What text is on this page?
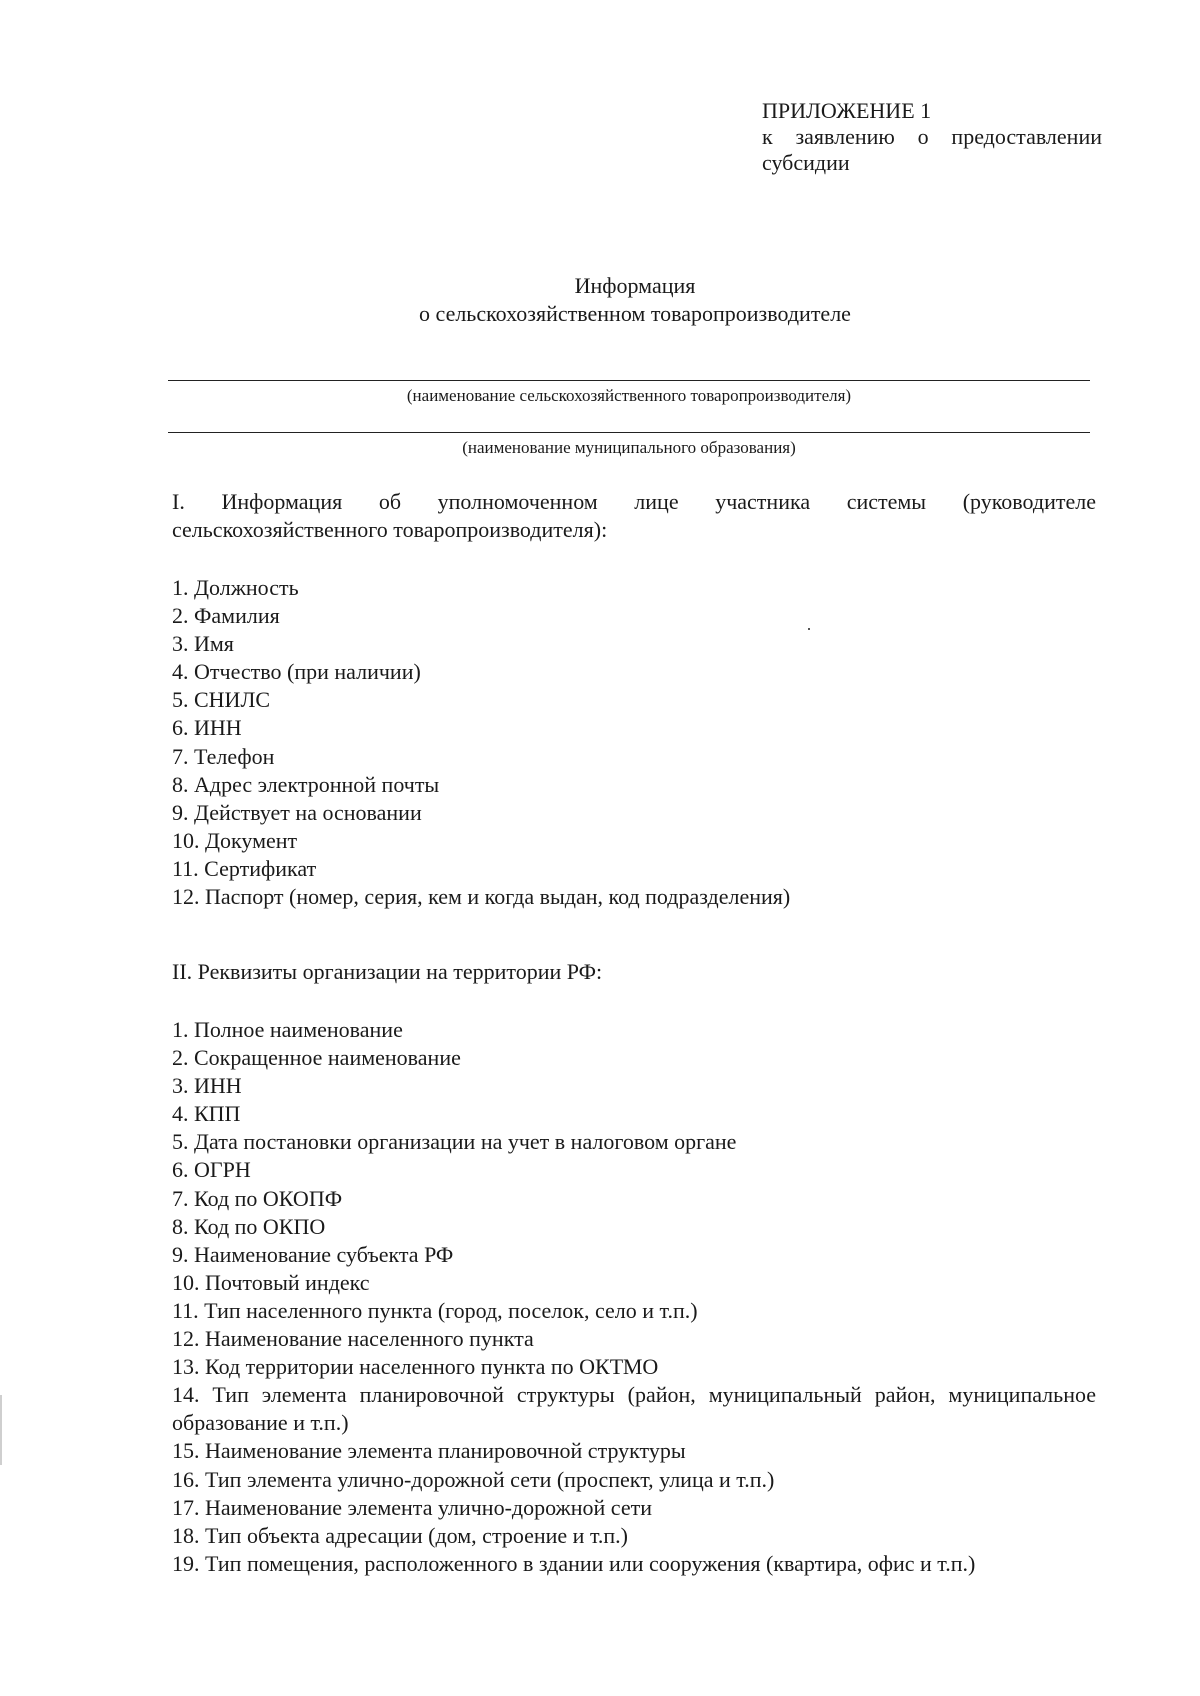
ПРИЛОЖЕНИЕ 1
к заявлению о предоставлении субсидии
Информация
о сельскохозяйственном товаропроизводителе
(наименование сельскохозяйственного товаропроизводителя)
(наименование муниципального образования)
I. Информация об уполномоченном лице участника системы (руководителе сельскохозяйственного товаропроизводителя):
1. Должность
2. Фамилия
3. Имя
4. Отчество (при наличии)
5. СНИЛС
6. ИНН
7. Телефон
8. Адрес электронной почты
9. Действует на основании
10. Документ
11. Сертификат
12. Паспорт (номер, серия, кем и когда выдан, код подразделения)
II. Реквизиты организации на территории РФ:
1. Полное наименование
2. Сокращенное наименование
3. ИНН
4. КПП
5. Дата постановки организации на учет в налоговом органе
6. ОГРН
7. Код по ОКОПФ
8. Код по ОКПО
9. Наименование субъекта РФ
10. Почтовый индекс
11. Тип населенного пункта (город, поселок, село и т.п.)
12. Наименование населенного пункта
13. Код территории населенного пункта по ОКТМО
14. Тип элемента планировочной структуры (район, муниципальный район, муниципальное образование и т.п.)
15. Наименование элемента планировочной структуры
16. Тип элемента улично-дорожной сети (проспект, улица и т.п.)
17. Наименование элемента улично-дорожной сети
18. Тип объекта адресации (дом, строение и т.п.)
19. Тип помещения, расположенного в здании или сооружения (квартира, офис и т.п.)
